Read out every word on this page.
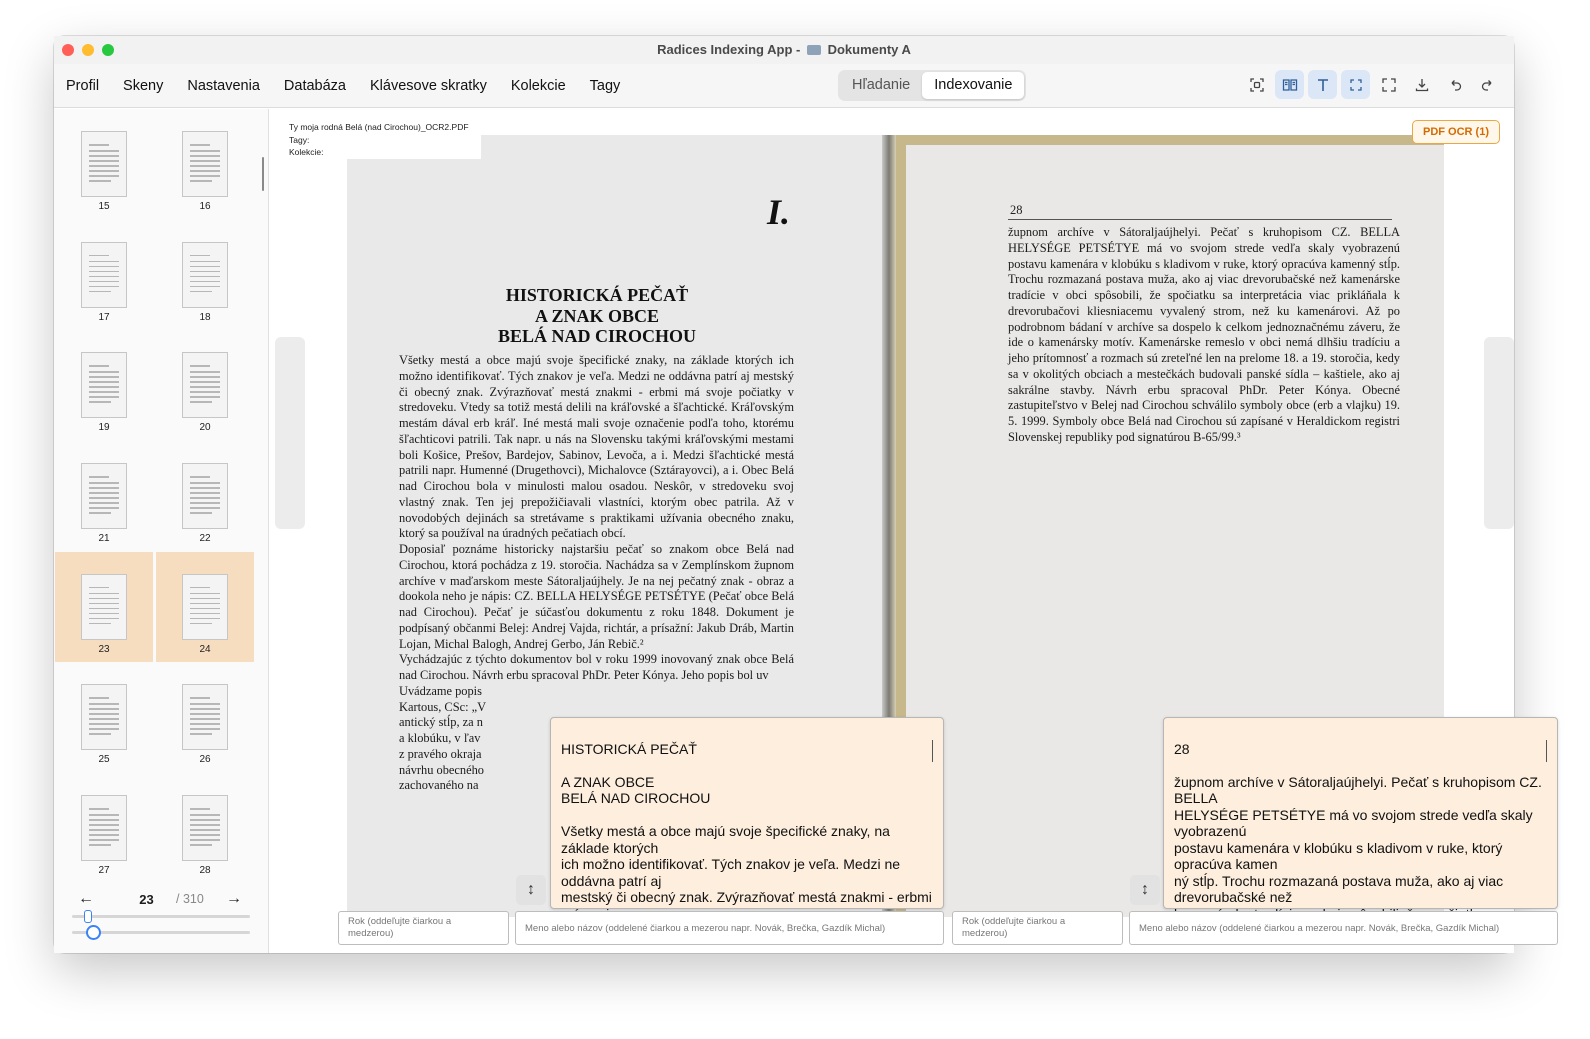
Radices Indexing App - Dokumenty A
Profil	Skeny	Nastavenia	Databáza	Klávesove skratky	Kolekcie	Tagy	Hľadanie	Indexovanie
15	16
17	18
19	20
21	22
23	24
25	26
27	28
←	23	/ 310 →
Ty moja rodná Belá (nad Cirochou)_OCR2.PDF
Tagy:
Kolekcie:
PDF OCR (1)
I.
HISTORICKÁ PEČAŤ
A ZNAK OBCE
BELÁ NAD CIROCHOU
Všetky mestá a obce majú svoje špecifické znaky, na základe ktorých ich možno identifikovať. Tých znakov je veľa. Medzi ne oddávna patrí aj mestský či obecný znak. Zvýrazňovať mestá znakmi - erbmi má svoje počiatky v stredoveku. Vtedy sa totiž mestá delili na kráľovské a šľachtické. Kráľovským mestám dával erb kráľ. Iné mestá mali svoje označenie podľa toho, ktorému šľachticovi patrili. Tak napr. u nás na Slovensku takými kráľovskými mestami boli Košice, Prešov, Bardejov, Sabinov, Levoča, a i. Medzi šľachtické mestá patrili napr. Humenné (Drugethovci), Michalovce (Sztárayovci), a i. Obec Belá nad Cirochou bola v minulosti malou osadou. Neskôr, v stredoveku svoj vlastný znak. Ten jej prepožičiavali vlastníci, ktorým obec patrila. Až v novodobých dejinách sa stretávame s praktikami užívania obecného znaku, ktorý sa používal na úradných pečatiach obcí.
Doposiaľ poznáme historicky najstaršiu pečať so znakom obce Belá nad Cirochou, ktorá pochádza z 19. storočia. Nachádza sa v Zemplínskom župnom archíve v maďarskom meste Sátoraljaújhely. Je na nej pečatný znak - obraz a dookola neho je nápis: CZ. BELLA HELYSÉGE PETSÉTYE (Pečať obce Belá nad Cirochou). Pečať je súčasťou dokumentu z roku 1848. Dokument je podpísaný občanmi Belej: Andrej Vajda, richtár, a prísažní: Jakub Dráb, Martin Lojan, Michal Balogh, Andrej Gerbo, Ján Rebič.²
Vychádzajúc z týchto dokumentov bol v roku 1999 inovovaný znak obce Belá nad Cirochou. Návrh erbu spracoval PhDr. Peter Kónya. Jeho popis bol uv
Uvádzame popis
Kartous, CSc: „V
antický stĺp, za n
a klobúku, v ľav
z pravého okraja
návrhu obecného
zachovaného na
28
župnom archíve v Sátoraljaújhelyi. Pečať s kruhopisom CZ. BELLA HELYSÉGE PETSÉTYE má vo svojom strede vedľa skaly vyobrazenú postavu kamenára v klobúku s kladivom v ruke, ktorý opracúva kamenný stĺp. Trochu rozmazaná postava muža, ako aj viac drevorubačské než kamenárske tradície v obci spôsobili, že spočiatku sa interpretácia viac prikláňala k drevorubačovi kliesniacemu vyvalený strom, než ku kamenárovi. Až po podrobnom bádaní v archíve sa dospelo k celkom jednoznačnému záveru, že ide o kamenársky motív. Kamenárske remeslo v obci nemá dlhšiu tradíciu a jeho prítomnosť a rozmach sú zreteľné len na prelome 18. a 19. storočia, kedy sa v okolitých obciach a mestečkách budovali panské sídla – kaštiele, ako aj sakrálne stavby. Návrh erbu spracoval PhDr. Peter Kónya. Obecné zastupiteľstvo v Belej nad Cirochou schválilo symboly obce (erb a vlajku) 19. 5. 1999. Symboly obce Belá nad Cirochou sú zapísané v Heraldickom registri Slovenskej republiky pod signatúrou B-65/99.³

HISTORICKÁ PEČAŤ

A ZNAK OBCE
BELÁ NAD CIROCHOU

Všetky mestá a obce majú svoje špecifické znaky, na základe ktorých
ich možno identifikovať. Tých znakov je veľa. Medzi ne oddávna patrí aj
mestský či obecný znak. Zvýrazňovať mestá znakmi - erbmi

28

župnom archíve v Sátoraljaújhelyi. Pečať s kruhopisom CZ. BELLA
HELYSÉGE PETSÉTYE má vo svojom strede vedľa skaly vyobrazenú
postavu kamenára v klobúku s kladivom v ruke, ktorý opracúva kamen
ný stĺp. Trochu rozmazaná postava muža, ako aj viac drevorubačské než

↕	↕
Rok (oddeľujte čiarkou a medzerou)	Meno alebo názov (oddelené čiarkou a mezerou napr. Novák, Brečka, Gazdík Michal)
Rok (oddeľujte čiarkou a medzerou)	Meno alebo názov (oddelené čiarkou a mezerou napr. Novák, Brečka, Gazdík Michal)
